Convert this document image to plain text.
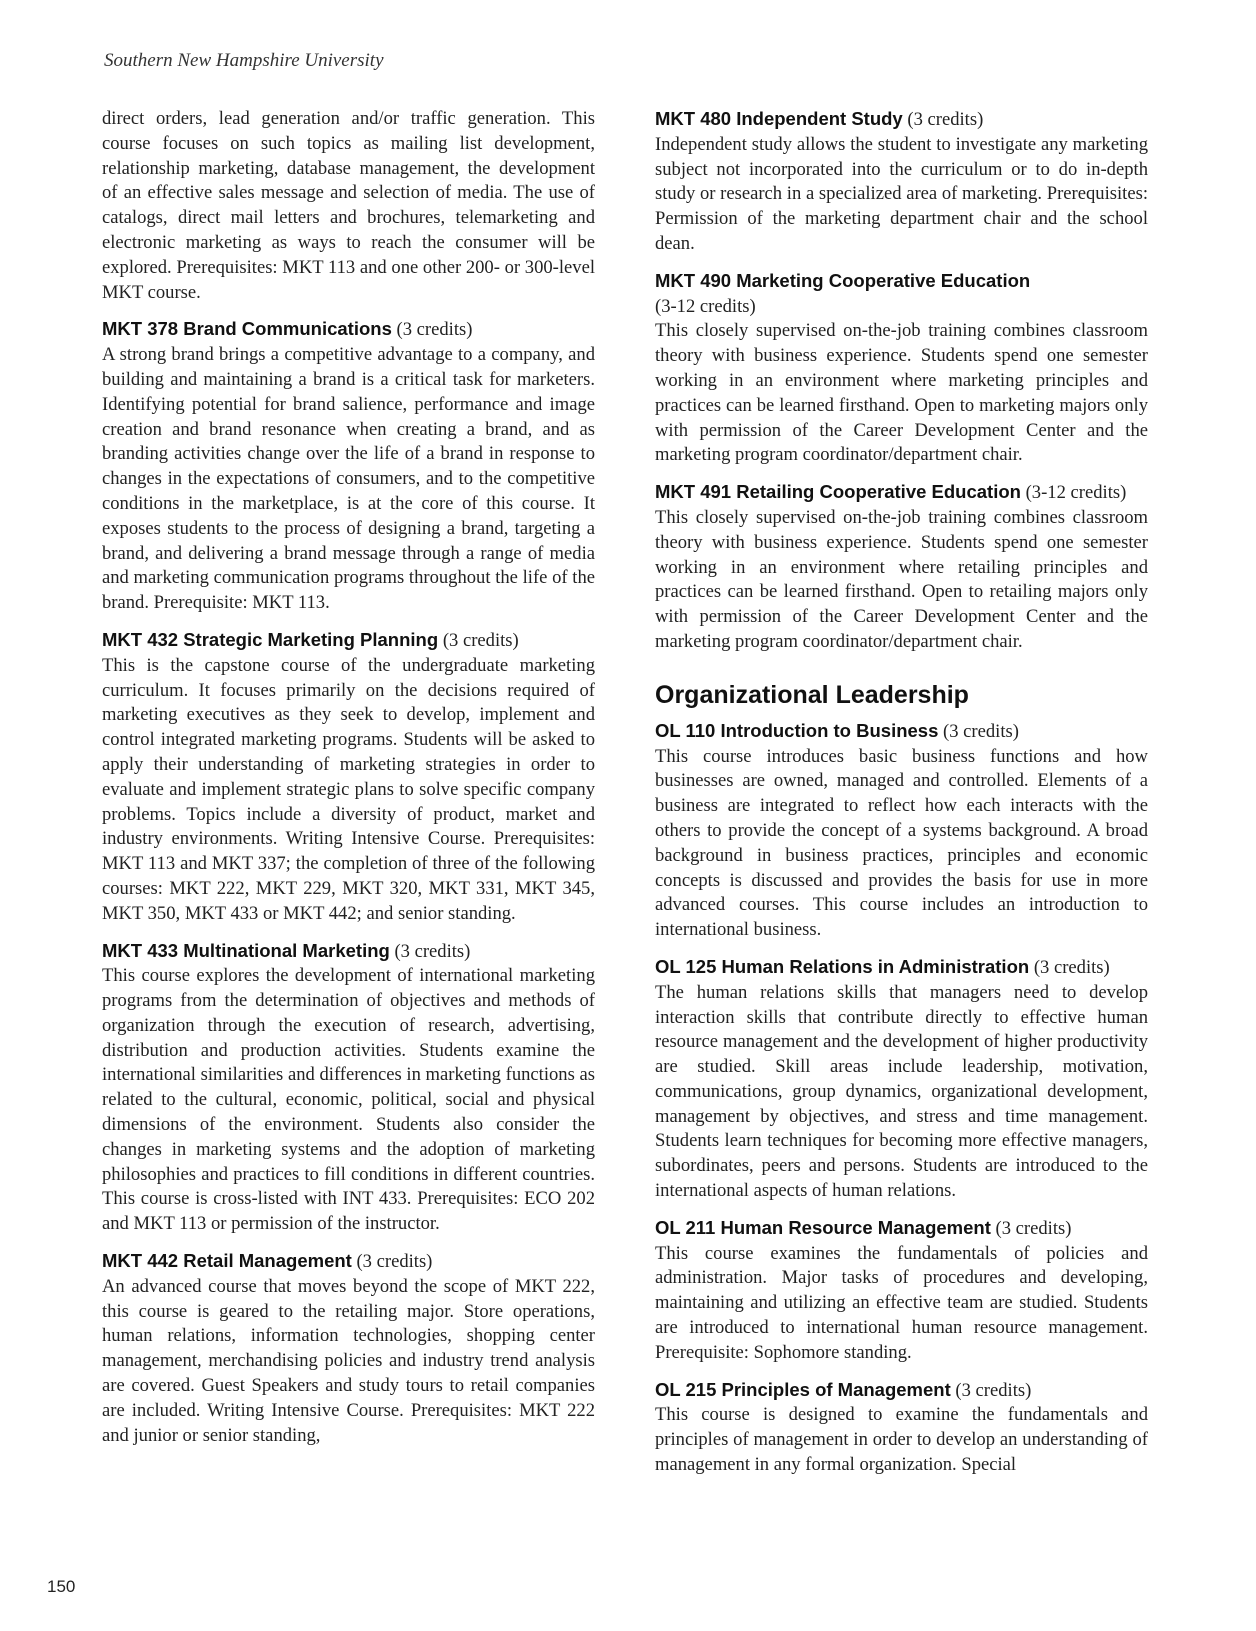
Southern New Hampshire University

direct orders, lead generation and/or traffic generation. This course focuses on such topics as mailing list development, relationship marketing, database management, the development of an effective sales message and selection of media. The use of catalogs, direct mail letters and brochures, telemarketing and electronic marketing as ways to reach the consumer will be explored. Prerequisites: MKT 113 and one other 200- or 300-level MKT course.

MKT 378 Brand Communications (3 credits)

A strong brand brings a competitive advantage to a company, and building and maintaining a brand is a critical task for marketers. Identifying potential for brand salience, performance and image creation and brand resonance when creating a brand, and as branding activities change over the life of a brand in response to changes in the expectations of consumers, and to the competitive conditions in the marketplace, is at the core of this course. It exposes students to the process of designing a brand, targeting a brand, and delivering a brand message through a range of media and marketing communication programs throughout the life of the brand. Prerequisite: MKT 113.

MKT 432 Strategic Marketing Planning (3 credits)

This is the capstone course of the undergraduate marketing curriculum. It focuses primarily on the decisions required of marketing executives as they seek to develop, implement and control integrated marketing programs. Students will be asked to apply their understanding of marketing strategies in order to evaluate and implement strategic plans to solve specific company problems. Topics include a diversity of product, market and industry environments. Writing Intensive Course. Prerequisites: MKT 113 and MKT 337; the completion of three of the following courses: MKT 222, MKT 229, MKT 320, MKT 331, MKT 345, MKT 350, MKT 433 or MKT 442; and senior standing.

MKT 433 Multinational Marketing (3 credits)

This course explores the development of international marketing programs from the determination of objectives and methods of organization through the execution of research, advertising, distribution and production activities. Students examine the international similarities and differences in marketing functions as related to the cultural, economic, political, social and physical dimensions of the environment. Students also consider the changes in marketing systems and the adoption of marketing philosophies and practices to fill conditions in different countries. This course is cross-listed with INT 433. Prerequisites: ECO 202 and MKT 113 or permission of the instructor.

MKT 442 Retail Management (3 credits)

An advanced course that moves beyond the scope of MKT 222, this course is geared to the retailing major. Store operations, human relations, information technologies, shopping center management, merchandising policies and industry trend analysis are covered. Guest Speakers and study tours to retail companies are included. Writing Intensive Course. Prerequisites: MKT 222 and junior or senior standing,

MKT 480 Independent Study (3 credits)

Independent study allows the student to investigate any marketing subject not incorporated into the curriculum or to do in-depth study or research in a specialized area of marketing. Prerequisites: Permission of the marketing department chair and the school dean.

MKT 490 Marketing Cooperative Education
(3-12 credits)

This closely supervised on-the-job training combines classroom theory with business experience. Students spend one semester working in an environment where marketing principles and practices can be learned firsthand. Open to marketing majors only with permission of the Career Development Center and the marketing program coordinator/department chair.

MKT 491 Retailing Cooperative Education (3-12 credits)

This closely supervised on-the-job training combines classroom theory with business experience. Students spend one semester working in an environment where retailing principles and practices can be learned firsthand. Open to retailing majors only with permission of the Career Development Center and the marketing program coordinator/department chair.

Organizational Leadership
OL 110 Introduction to Business (3 credits)

This course introduces basic business functions and how businesses are owned, managed and controlled. Elements of a business are integrated to reflect how each interacts with the others to provide the concept of a systems background. A broad background in business practices, principles and economic concepts is discussed and provides the basis for use in more advanced courses. This course includes an introduction to international business.

OL 125 Human Relations in Administration (3 credits)

The human relations skills that managers need to develop interaction skills that contribute directly to effective human resource management and the development of higher productivity are studied. Skill areas include leadership, motivation, communications, group dynamics, organizational development, management by objectives, and stress and time management. Students learn techniques for becoming more effective managers, subordinates, peers and persons. Students are introduced to the international aspects of human relations.

OL 211 Human Resource Management (3 credits)

This course examines the fundamentals of policies and administration. Major tasks of procedures and developing, maintaining and utilizing an effective team are studied. Students are introduced to international human resource management. Prerequisite: Sophomore standing.

OL 215 Principles of Management (3 credits)

This course is designed to examine the fundamentals and principles of management in order to develop an understanding of management in any formal organization. Special

150
